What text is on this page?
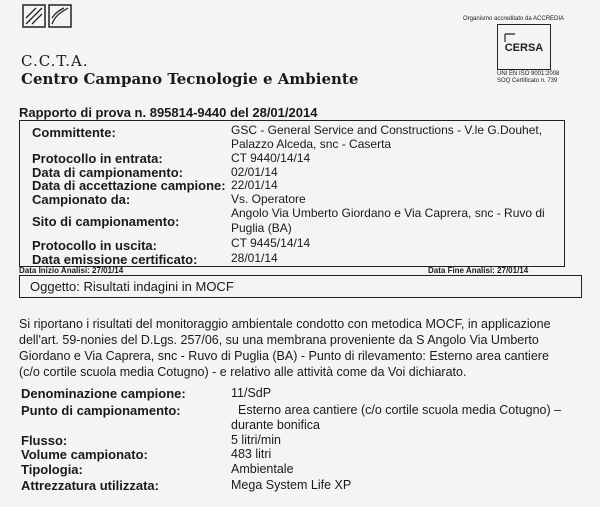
C.C.T.A.
Centro Campano Tecnologie e Ambiente
Organismo accreditato da ACCREDIA
CERSA
UNI EN ISO 9001:2008
SOQ Certificato n. 739
Rapporto di prova n. 895814-9440 del 28/01/2014
Committente:	GSC - General Service and Constructions - V.le G.Douhet,
Palazzo Alceda, snc - Caserta
Protocollo in entrata:	CT 9440/14/14
Data di campionamento:	02/01/14
Data di accettazione campione: 22/01/14
Campionato da:	Vs. Operatore
Sito di campionamento:
Angolo Via Umberto Giordano e Via Caprera, snc - Ruvo di
Puglia (BA)
Protocollo in uscita:	CT 9445/14/14
Data emissione certificato:	28/01/14
Data Inizio Analisi: 27/01/14	Data Fine Analisi: 27/01/14
Oggetto: Risultati indagini in MOCF
Si riportano i risultati del monitoraggio ambientale condotto con metodica MOCF, in applicazione
dell'art. 59-nonies del D.Lgs. 257/06, su una membrana proveniente da S Angolo Via Umberto
Giordano e Via Caprera, snc - Ruvo di Puglia (BA) - Punto di rilevamento: Esterno area cantiere
(c/o cortile scuola media Cotugno) - e relativo alle attività come da Voi dichiarato.
Denominazione campione:	11/SdP
Punto di campionamento:	Esterno area cantiere (c/o cortile scuola media Cotugno) –
durante bonifica
Flusso:	5 litri/min
Volume campionato:	483 litri
Tipologia:	Ambientale
Attrezzatura utilizzata:	Mega System Life XP
